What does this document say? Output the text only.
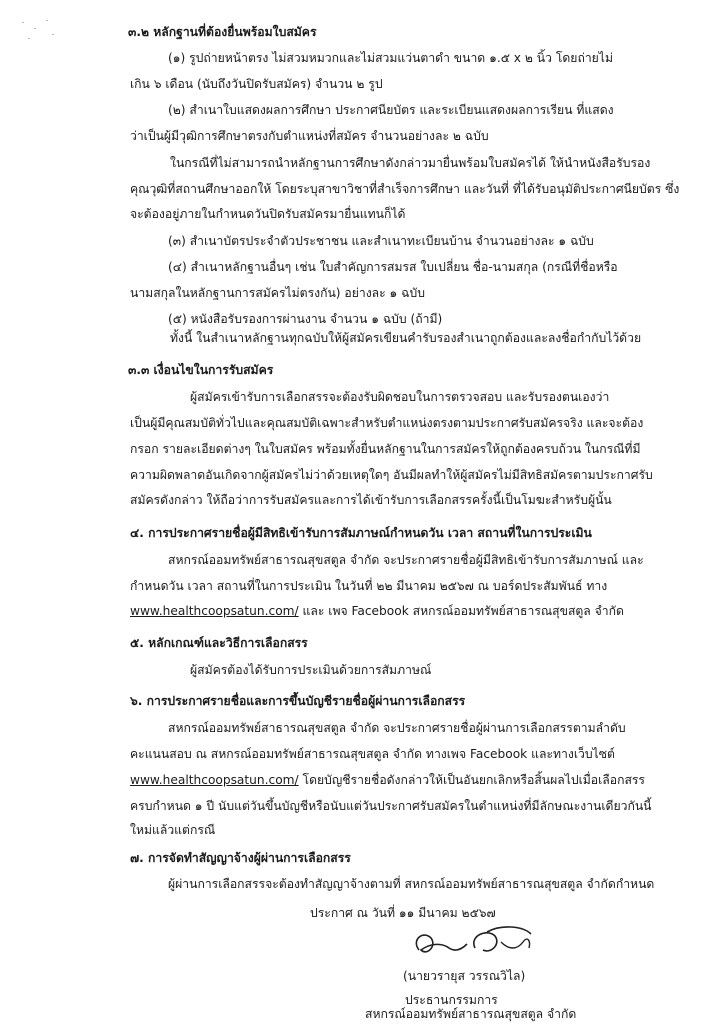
๓.๒ หลักฐานที่ต้องยื่นพร้อมใบสมัคร
(๑) รูปถ่ายหน้าตรง ไม่สวมหมวกและไม่สวมแว่นตาดำ ขนาด ๑.๕ x ๒ นิ้ว โดยถ่ายไม่
เกิน ๖ เดือน (นับถึงวันปิดรับสมัคร) จำนวน ๒ รูป
(๒) สำเนาใบแสดงผลการศึกษา ประกาศนียบัตร และระเบียนแสดงผลการเรียน ที่แสดง
ว่าเป็นผู้มีวุฒิการศึกษาตรงกับตำแหน่งที่สมัคร จำนวนอย่างละ ๒ ฉบับ
ในกรณีที่ไม่สามารถนำหลักฐานการศึกษาดังกล่าวมายื่นพร้อมใบสมัครได้ ให้นำหนังสือรับรอง
คุณวุฒิที่สถานศึกษาออกให้ โดยระบุสาขาวิชาที่สำเร็จการศึกษา และวันที่ ที่ได้รับอนุมัติประกาศนียบัตร ซึ่ง
จะต้องอยู่ภายในกำหนดวันปิดรับสมัครมายื่นแทนก็ได้
(๓) สำเนาบัตรประจำตัวประชาชน และสำเนาทะเบียนบ้าน จำนวนอย่างละ ๑ ฉบับ
(๔) สำเนาหลักฐานอื่นๆ เช่น ใบสำคัญการสมรส ใบเปลี่ยน ชื่อ-นามสกุล (กรณีที่ชื่อหรือ
นามสกุลในหลักฐานการสมัครไม่ตรงกัน) อย่างละ ๑ ฉบับ
(๕) หนังสือรับรองการผ่านงาน จำนวน ๑ ฉบับ (ถ้ามี)
ทั้งนี้ ในสำเนาหลักฐานทุกฉบับให้ผู้สมัครเขียนคำรับรองสำเนาถูกต้องและลงชื่อกำกับไว้ด้วย
๓.๓ เงื่อนไขในการรับสมัคร
ผู้สมัครเข้ารับการเลือกสรรจะต้องรับผิดชอบในการตรวจสอบ และรับรองตนเองว่า
เป็นผู้มีคุณสมบัติทั่วไปและคุณสมบัติเฉพาะสำหรับตำแหน่งตรงตามประกาศรับสมัครจริง และจะต้อง
กรอก รายละเอียดต่างๆ ในใบสมัคร พร้อมทั้งยื่นหลักฐานในการสมัครให้ถูกต้องครบถ้วน ในกรณีที่มี
ความผิดพลาดอันเกิดจากผู้สมัครไม่ว่าด้วยเหตุใดๆ อันมีผลทำให้ผู้สมัครไม่มีสิทธิสมัครตามประกาศรับ
สมัครดังกล่าว ให้ถือว่าการรับสมัครและการได้เข้ารับการเลือกสรรครั้งนี้เป็นโมฆะสำหรับผู้นั้น
๔. การประกาศรายชื่อผู้มีสิทธิเข้ารับการสัมภาษณ์กำหนดวัน เวลา สถานที่ในการประเมิน
สหกรณ์ออมทรัพย์สาธารณสุขสตูล จำกัด จะประกาศรายชื่อผู้มีสิทธิเข้ารับการสัมภาษณ์ และ
กำหนดวัน เวลา สถานที่ในการประเมิน ในวันที่ ๒๒ มีนาคม ๒๕๖๗ ณ บอร์ดประสัมพันธ์ ทาง
www.healthcoopsatun.com/ และ เพจ Facebook สหกรณ์ออมทรัพย์สาธารณสุขสตูล จำกัด
๕. หลักเกณฑ์และวิธีการเลือกสรร
ผู้สมัครต้องได้รับการประเมินด้วยการสัมภาษณ์
๖. การประกาศรายชื่อและการขึ้นบัญชีรายชื่อผู้ผ่านการเลือกสรร
สหกรณ์ออมทรัพย์สาธารณสุขสตูล จำกัด จะประกาศรายชื่อผู้ผ่านการเลือกสรรตามลำดับ
คะแนนสอบ ณ สหกรณ์ออมทรัพย์สาธารณสุขสตูล จำกัด ทางเพจ Facebook และทางเว็บไซต์
www.healthcoopsatun.com/ โดยบัญชีรายชื่อดังกล่าวให้เป็นอันยกเลิกหรือสิ้นผลไปเมื่อเลือกสรร
ครบกำหนด ๑ ปี นับแต่วันขึ้นบัญชีหรือนับแต่วันประกาศรับสมัครในตำแหน่งที่มีลักษณะงานเดียวกันนี้
ใหม่แล้วแต่กรณี
๗. การจัดทำสัญญาจ้างผู้ผ่านการเลือกสรร
ผู้ผ่านการเลือกสรรจะต้องทำสัญญาจ้างตามที่ สหกรณ์ออมทรัพย์สาธารณสุขสตูล จำกัดกำหนด
ประกาศ ณ วันที่ ๑๑ มีนาคม ๒๕๖๗
(นายวรายุส วรรณวิไล)
ประธานกรรมการ
สหกรณ์ออมทรัพย์สาธารณสุขสตูล จำกัด
